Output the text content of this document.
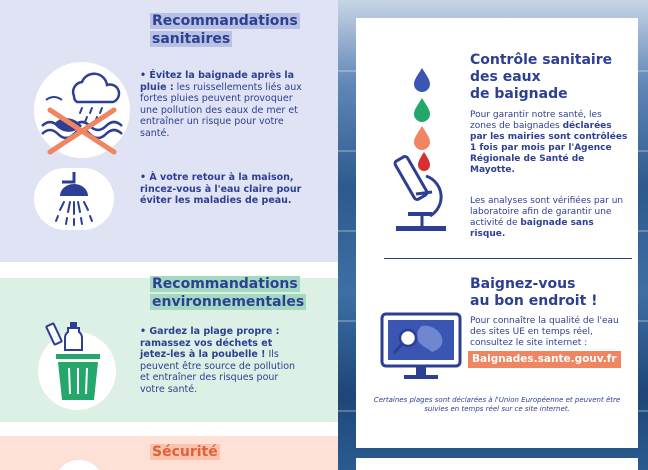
Recommandations
sanitaires
• Évitez la baignade après la pluie : les ruissellements liés aux fortes pluies peuvent provoquer une pollution des eaux de mer et entraîner un risque pour votre santé.
• À votre retour à la maison, rincez-vous à l'eau claire pour éviter les maladies de peau.
Recommandations
environnementales
• Gardez la plage propre : ramassez vos déchets et jetez-les à la poubelle ! Ils peuvent être source de pollution et entraîner des risques pour votre santé.
Sécurité
Contrôle sanitaire
des eaux
de baignade
Pour garantir notre santé, les zones de baignades déclarées par les mairies sont contrôlées 1 fois par mois par l'Agence Régionale de Santé de Mayotte.
Les analyses sont vérifiées par un laboratoire afin de garantir une activité de baignade sans risque.
Baignez-vous
au bon endroit !
Pour connaître la qualité de l'eau des sites UE en temps réel, consultez le site internet :
Baignades.sante.gouv.fr
Certaines plages sont déclarées à l'Union Européenne et peuvent être suivies en temps réel sur ce site internet.
